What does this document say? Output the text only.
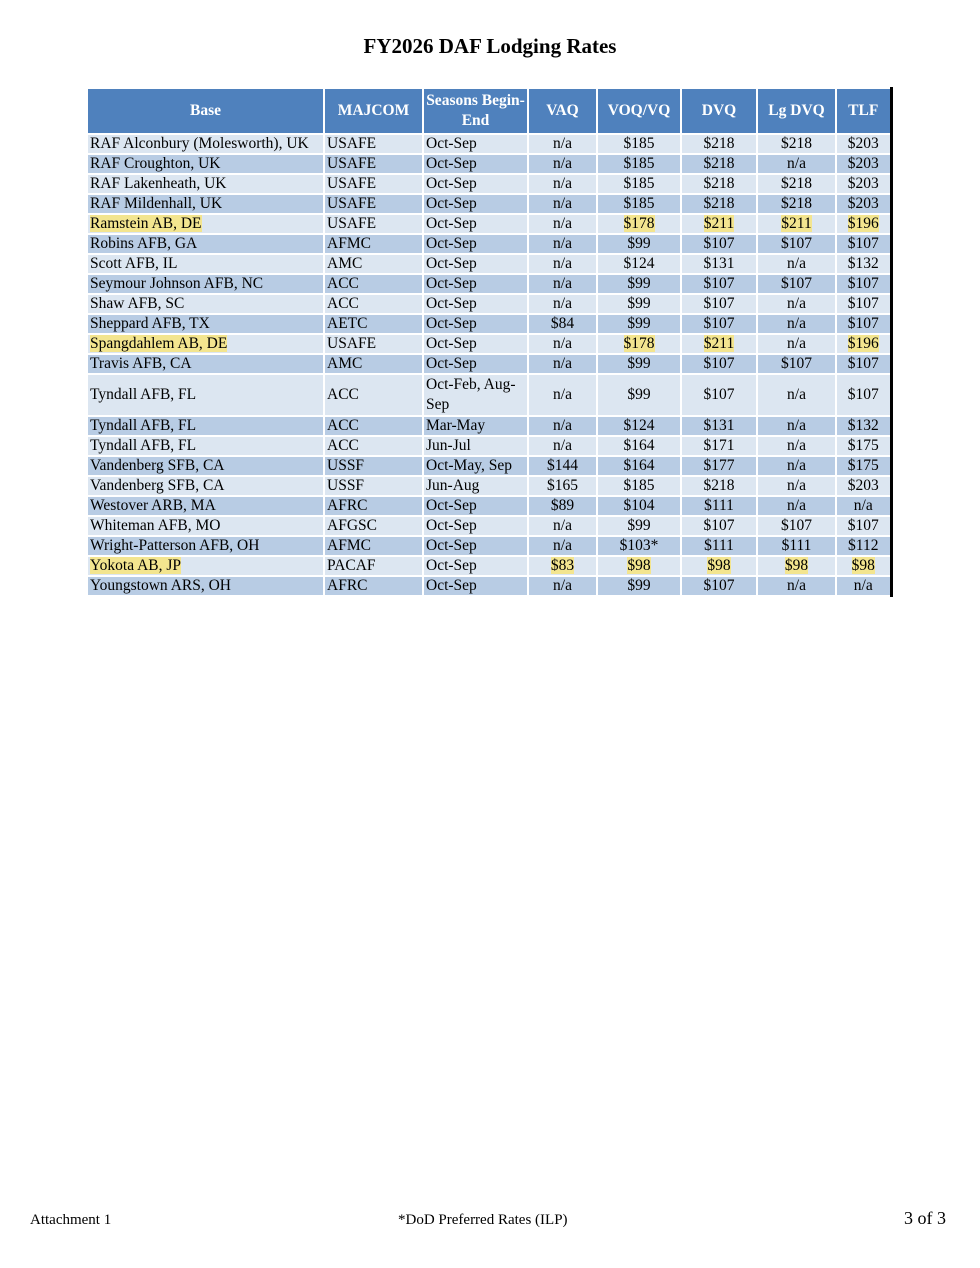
FY2026 DAF Lodging Rates
Base	MAJCOM	Seasons Begin-End	VAQ	VOQ/VQ	DVQ	Lg DVQ	TLF
RAF Alconbury (Molesworth), UK	USAFE	Oct-Sep	n/a	$185	$218	$218	$203
RAF Croughton, UK	USAFE	Oct-Sep	n/a	$185	$218	n/a	$203
RAF Lakenheath, UK	USAFE	Oct-Sep	n/a	$185	$218	$218	$203
RAF Mildenhall, UK	USAFE	Oct-Sep	n/a	$185	$218	$218	$203
Ramstein AB, DE	USAFE	Oct-Sep	n/a	$178	$211	$211	$196
Robins AFB, GA	AFMC	Oct-Sep	n/a	$99	$107	$107	$107
Scott AFB, IL	AMC	Oct-Sep	n/a	$124	$131	n/a	$132
Seymour Johnson AFB, NC	ACC	Oct-Sep	n/a	$99	$107	$107	$107
Shaw AFB, SC	ACC	Oct-Sep	n/a	$99	$107	n/a	$107
Sheppard AFB, TX	AETC	Oct-Sep	$84	$99	$107	n/a	$107
Spangdahlem AB, DE	USAFE	Oct-Sep	n/a	$178	$211	n/a	$196
Travis AFB, CA	AMC	Oct-Sep	n/a	$99	$107	$107	$107
Tyndall AFB, FL	ACC	Oct-Feb, Aug-Sep	n/a	$99	$107	n/a	$107
Tyndall AFB, FL	ACC	Mar-May	n/a	$124	$131	n/a	$132
Tyndall AFB, FL	ACC	Jun-Jul	n/a	$164	$171	n/a	$175
Vandenberg SFB, CA	USSF	Oct-May, Sep	$144	$164	$177	n/a	$175
Vandenberg SFB, CA	USSF	Jun-Aug	$165	$185	$218	n/a	$203
Westover ARB, MA	AFRC	Oct-Sep	$89	$104	$111	n/a	n/a
Whiteman AFB, MO	AFGSC	Oct-Sep	n/a	$99	$107	$107	$107
Wright-Patterson AFB, OH	AFMC	Oct-Sep	n/a	$103*	$111	$111	$112
Yokota AB, JP	PACAF	Oct-Sep	$83	$98	$98	$98	$98
Youngstown ARS, OH	AFRC	Oct-Sep	n/a	$99	$107	n/a	n/a
Attachment 1	*DoD Preferred Rates (ILP)	3 of 3
